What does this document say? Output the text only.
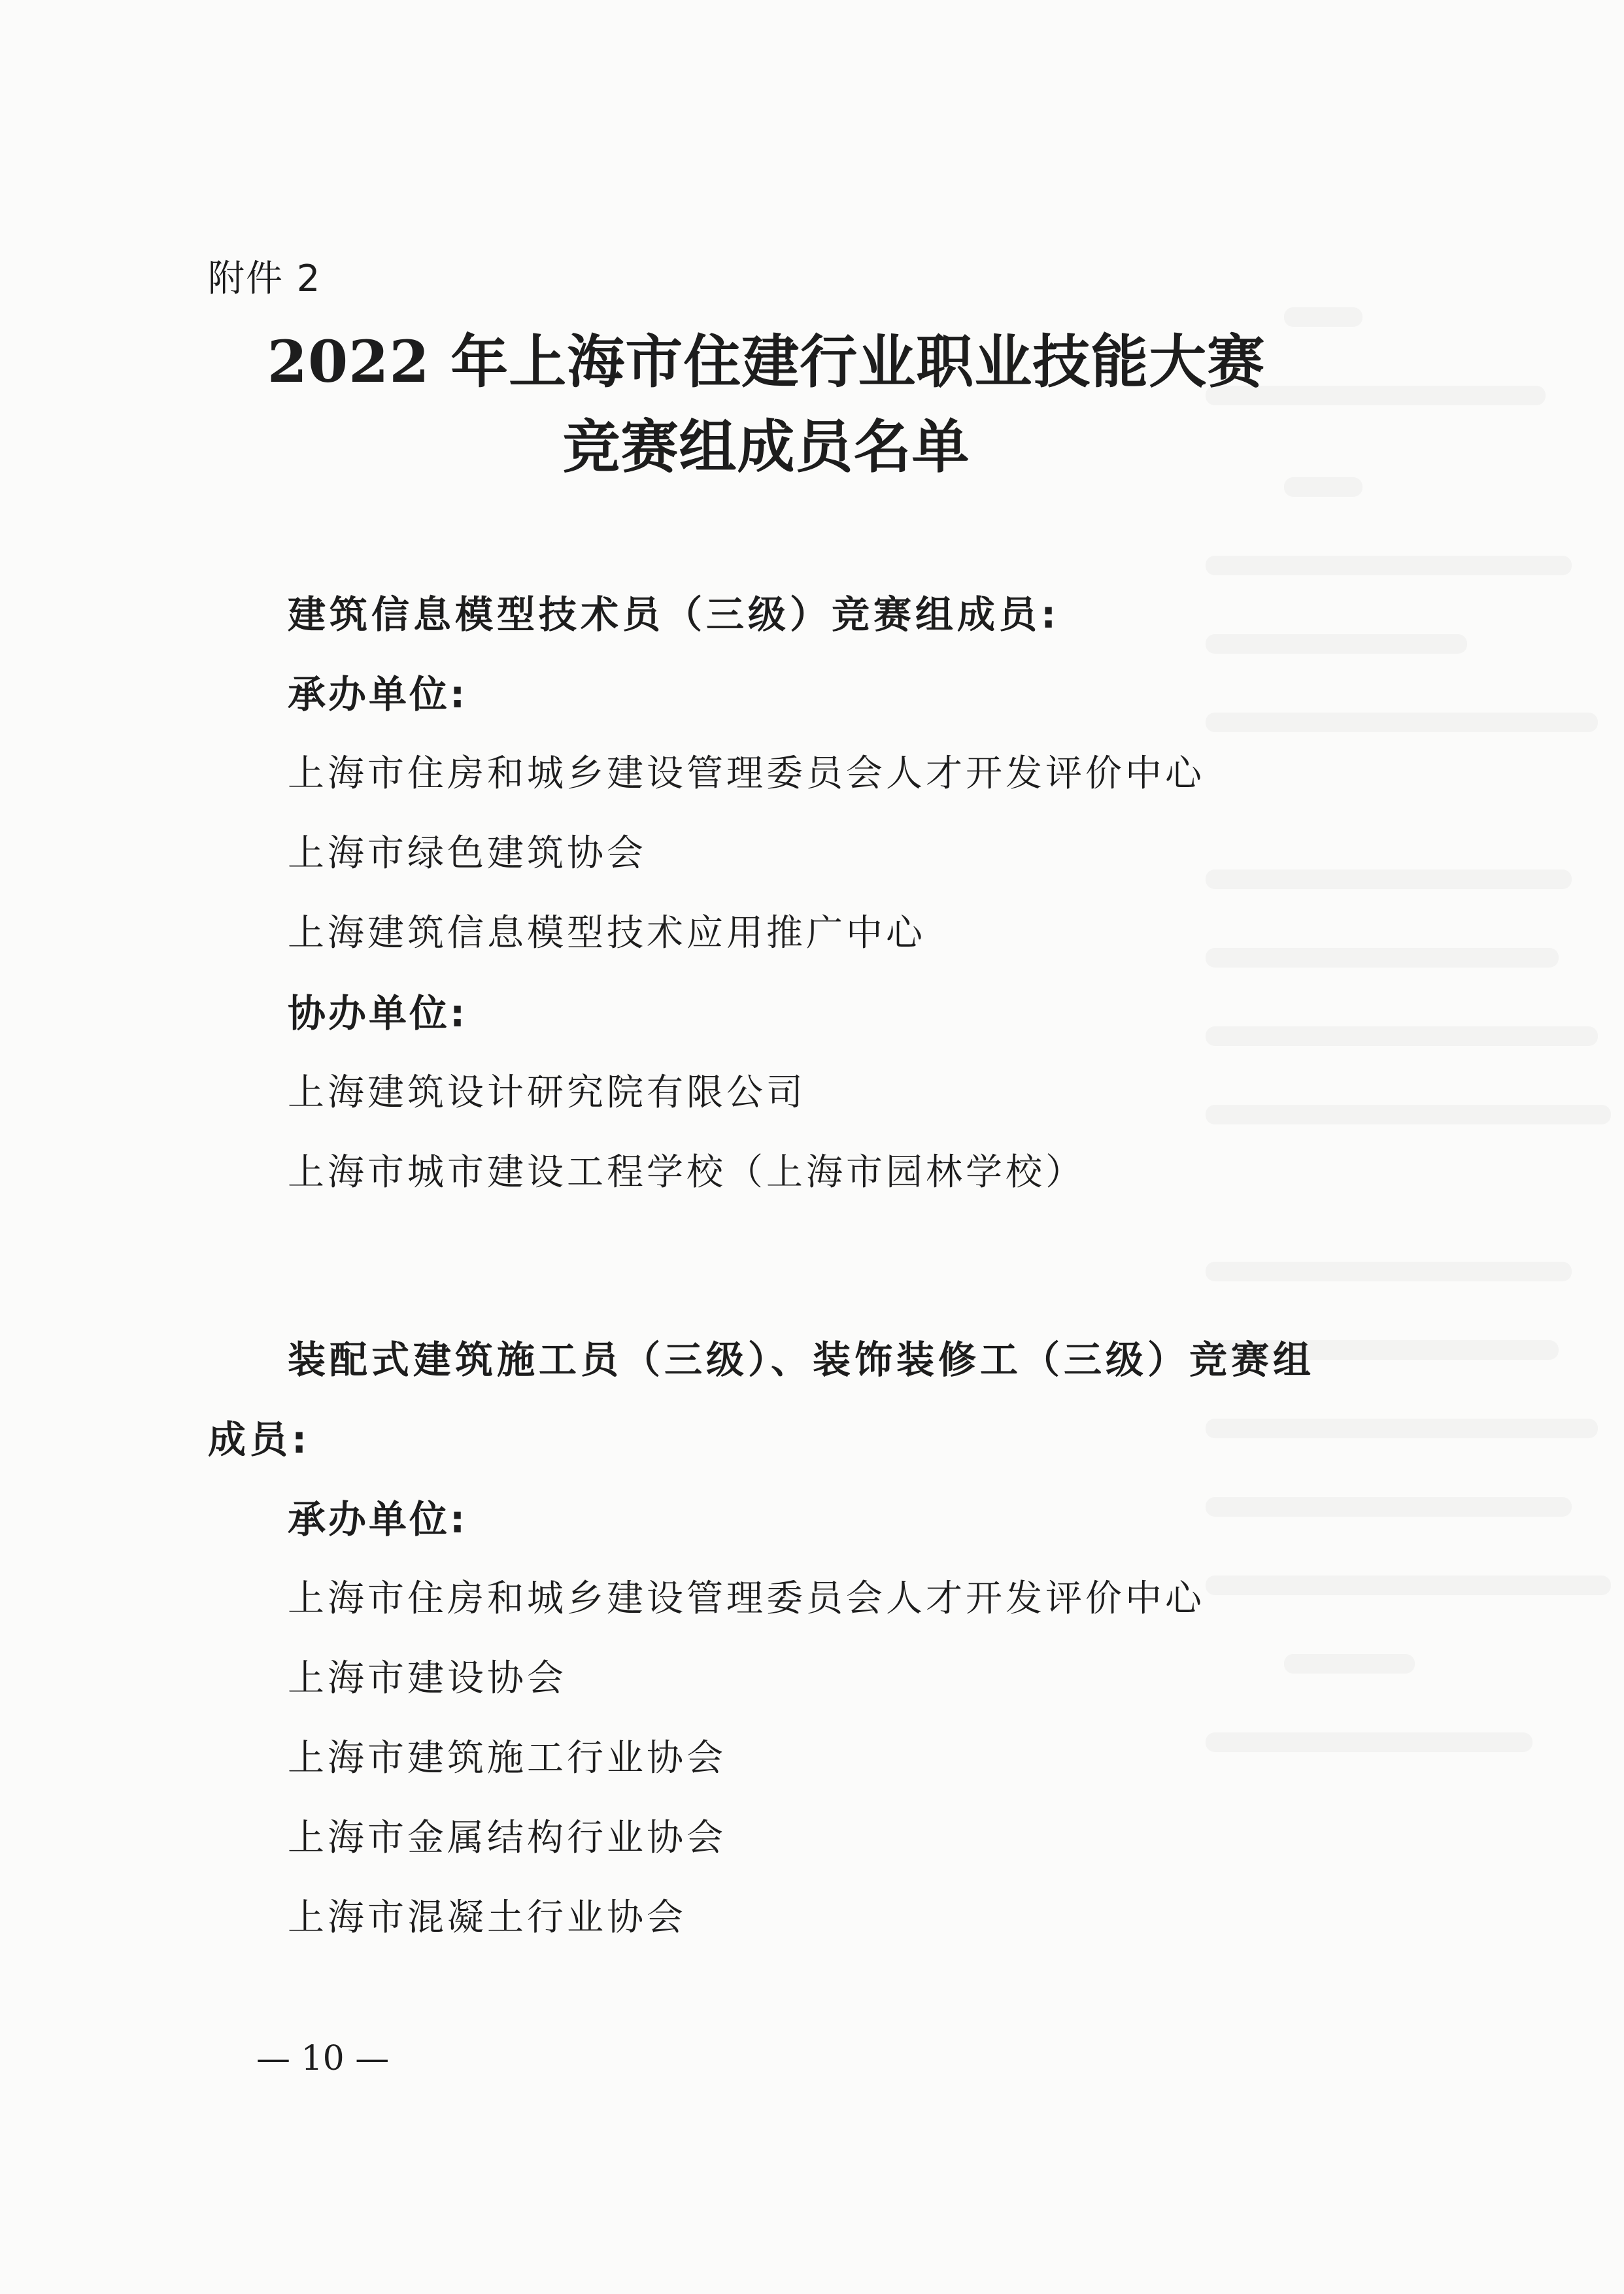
附件 2
2022 年上海市住建行业职业技能大赛
竞赛组成员名单
建筑信息模型技术员（三级）竞赛组成员:
承办单位:
上海市住房和城乡建设管理委员会人才开发评价中心
上海市绿色建筑协会
上海建筑信息模型技术应用推广中心
协办单位:
上海建筑设计研究院有限公司
上海市城市建设工程学校（上海市园林学校）
装配式建筑施工员（三级）、装饰装修工（三级）竞赛组
成员:
承办单位:
上海市住房和城乡建设管理委员会人才开发评价中心
上海市建设协会
上海市建筑施工行业协会
上海市金属结构行业协会
上海市混凝土行业协会
— 10 —
